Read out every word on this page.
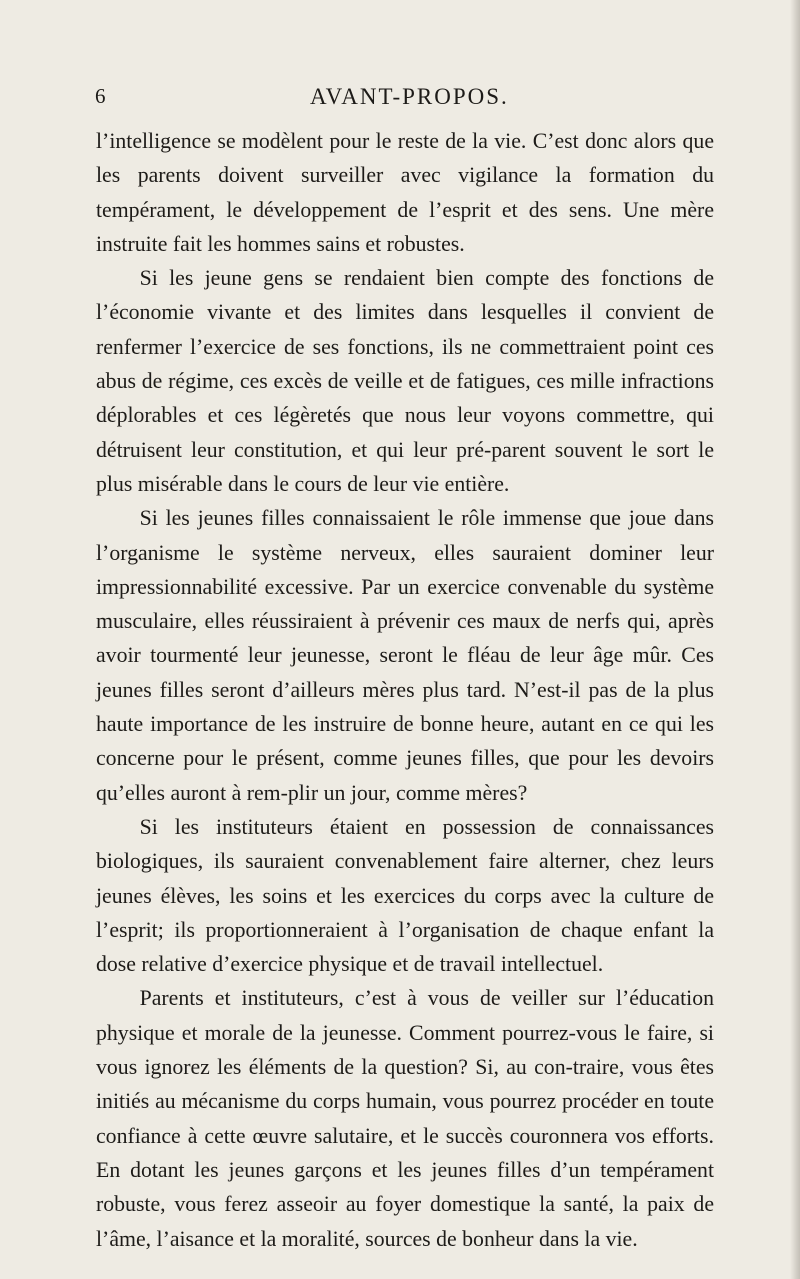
6	AVANT-PROPOS.

l’intelligence se modèlent pour le reste de la vie. C’est donc alors que les parents doivent surveiller avec vigilance la formation du tempérament, le développement de l’esprit et des sens. Une mère instruite fait les hommes sains et robustes.

Si les jeune gens se rendaient bien compte des fonctions de l’économie vivante et des limites dans lesquelles il convient de renfermer l’exercice de ses fonctions, ils ne commettraient point ces abus de régime, ces excès de veille et de fatigues, ces mille infractions déplorables et ces légèretés que nous leur voyons commettre, qui détruisent leur constitution, et qui leur pré-parent souvent le sort le plus misérable dans le cours de leur vie entière.

Si les jeunes filles connaissaient le rôle immense que joue dans l’organisme le système nerveux, elles sauraient dominer leur impressionnabilité excessive. Par un exercice convenable du système musculaire, elles réussiraient à prévenir ces maux de nerfs qui, après avoir tourmenté leur jeunesse, seront le fléau de leur âge mûr. Ces jeunes filles seront d’ailleurs mères plus tard. N’est-il pas de la plus haute importance de les instruire de bonne heure, autant en ce qui les concerne pour le présent, comme jeunes filles, que pour les devoirs qu’elles auront à rem-plir un jour, comme mères?

Si les instituteurs étaient en possession de connaissances biologiques, ils sauraient convenablement faire alterner, chez leurs jeunes élèves, les soins et les exercices du corps avec la culture de l’esprit; ils proportionneraient à l’organisation de chaque enfant la dose relative d’exercice physique et de travail intellectuel.

Parents et instituteurs, c’est à vous de veiller sur l’éducation physique et morale de la jeunesse. Comment pourrez-vous le faire, si vous ignorez les éléments de la question? Si, au con-traire, vous êtes initiés au mécanisme du corps humain, vous pourrez procéder en toute confiance à cette œuvre salutaire, et le succès couronnera vos efforts. En dotant les jeunes garçons et les jeunes filles d’un tempérament robuste, vous ferez asseoir au foyer domestique la santé, la paix de l’âme, l’aisance et la moralité, sources de bonheur dans la vie.
